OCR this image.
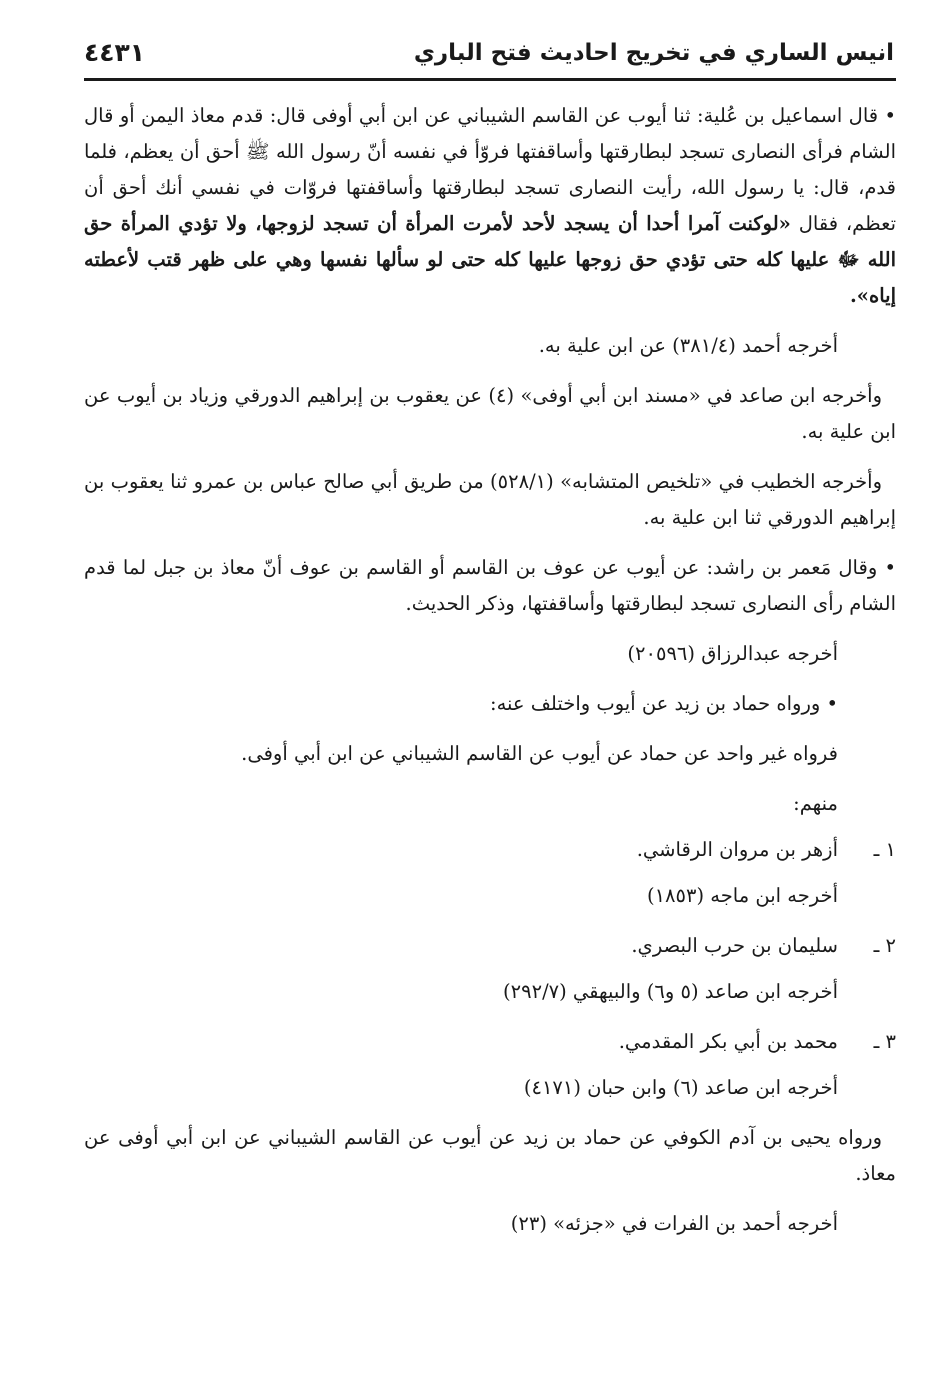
انيس الساري في تخريج احاديث فتح الباري
٤٤٣١

• قال اسماعيل بن عُلية: ثنا أيوب عن القاسم الشيباني عن ابن أبي أوفى قال: قدم معاذ اليمن أو قال الشام فرأى النصارى تسجد لبطارقتها وأساقفتها فروّأ في نفسه أنّ رسول الله ﷺ أحق أن يعظم، فلما قدم، قال: يا رسول الله، رأيت النصارى تسجد لبطارقتها وأساقفتها فروّات في نفسي أنك أحق أن تعظم، فقال «لوكنت آمرا أحدا أن يسجد لأحد لأمرت المرأة أن تسجد لزوجها، ولا تؤدي المرأة حق الله ﷻ عليها كله حتى تؤدي حق زوجها عليها كله حتى لو سألها نفسها وهي على ظهر قتب لأعطته إياه».

أخرجه أحمد (٣٨١/٤) عن ابن علية به.

وأخرجه ابن صاعد في «مسند ابن أبي أوفى» (٤) عن يعقوب بن إبراهيم الدورقي وزياد بن أيوب عن ابن علية به.

وأخرجه الخطيب في «تلخيص المتشابه» (٥٢٨/١) من طريق أبي صالح عباس بن عمرو ثنا يعقوب بن إبراهيم الدورقي ثنا ابن علية به.

• وقال مَعمر بن راشد: عن أيوب عن عوف بن القاسم أو القاسم بن عوف أنّ معاذ بن جبل لما قدم الشام رأى النصارى تسجد لبطارقتها وأساقفتها، وذكر الحديث.

أخرجه عبدالرزاق (٢٠٥٩٦)

• ورواه حماد بن زيد عن أيوب واختلف عنه:

فرواه غير واحد عن حماد عن أيوب عن القاسم الشيباني عن ابن أبي أوفى.

منهم:

١ ـ
أزهر بن مروان الرقاشي.

أخرجه ابن ماجه (١٨٥٣)

٢ ـ
سليمان بن حرب البصري.

أخرجه ابن صاعد (٥ و٦) والبيهقي (٢٩٢/٧)

٣ ـ
محمد بن أبي بكر المقدمي.

أخرجه ابن صاعد (٦) وابن حبان (٤١٧١)

ورواه يحيى بن آدم الكوفي عن حماد بن زيد عن أيوب عن القاسم الشيباني عن ابن أبي أوفى عن معاذ.

أخرجه أحمد بن الفرات في «جزئه» (٢٣)
